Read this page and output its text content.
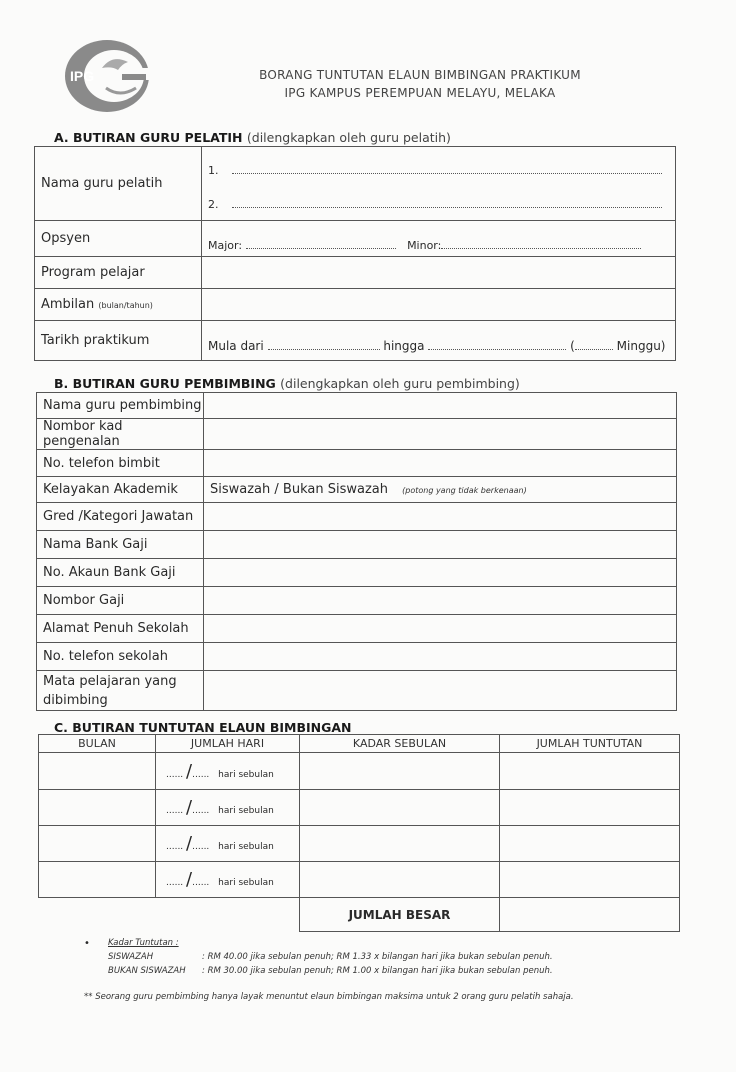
IPG	BORANG TUNTUTAN ELAUN BIMBINGAN PRAKTIKUM
IPG KAMPUS PEREMPUAN MELAYU, MELAKA
A. BUTIRAN GURU PELATIH (dilengkapkan oleh guru pelatih)
Nama guru pelatih	1.
2.

Opsyen	Major: Minor:
Program pelajar	
Ambilan (bulan/tahun)	
Tarikh praktikum	Mula dari hingga ( Minggu)
B. BUTIRAN GURU PEMBIMBING (dilengkapkan oleh guru pembimbing)
Nama guru pembimbing	
Nombor kad pengenalan	
No. telefon bimbit	
Kelayakan Akademik	Siswazah / Bukan Siswazah (potong yang tidak berkenaan)
Gred /Kategori Jawatan	
Nama Bank Gaji	
No. Akaun Bank Gaji	
Nombor Gaji	
Alamat Penuh Sekolah	
No. telefon sekolah	
Mata pelajaran yang dibimbing	
C. BUTIRAN TUNTUTAN ELAUN BIMBINGAN
BULAN	JUMLAH HARI	KADAR SEBULAN	JUMLAH TUNTUTAN
	...... /...... hari sebulan		
	...... /...... hari sebulan		
	...... /...... hari sebulan		
	...... /...... hari sebulan		
		JUMLAH BESAR	
• Kadar Tuntutan :
SISWAZAH	: RM 40.00 jika sebulan penuh; RM 1.33 x bilangan hari jika bukan sebulan penuh.
BUKAN SISWAZAH : RM 30.00 jika sebulan penuh; RM 1.00 x bilangan hari jika bukan sebulan penuh.
** Seorang guru pembimbing hanya layak menuntut elaun bimbingan maksima untuk 2 orang guru pelatih sahaja.
